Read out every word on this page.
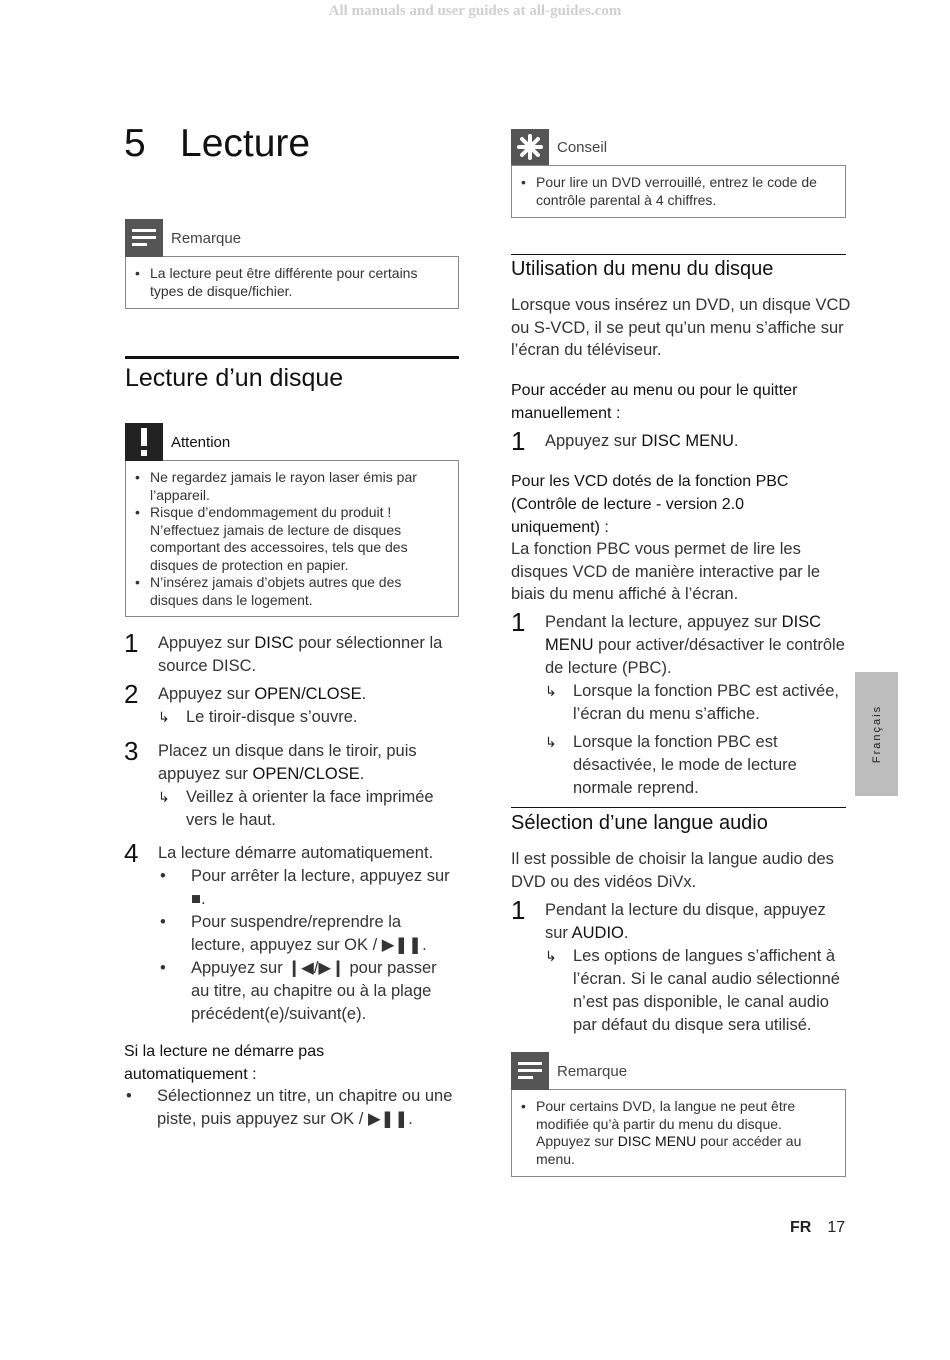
All manuals and user guides at all-guides.com
5 Lecture
Remarque
• La lecture peut être différente pour certains types de disque/fichier.
Lecture d’un disque
Attention
• Ne regardez jamais le rayon laser émis par l’appareil.
• Risque d’endommagement du produit ! N’effectuez jamais de lecture de disques comportant des accessoires, tels que des disques de protection en papier.
• N’insérez jamais d’objets autres que des disques dans le logement.
1 Appuyez sur DISC pour sélectionner la source DISC.
2 Appuyez sur OPEN/CLOSE.
↳ Le tiroir-disque s’ouvre.
3 Placez un disque dans le tiroir, puis appuyez sur OPEN/CLOSE.
↳ Veillez à orienter la face imprimée vers le haut.
4 La lecture démarre automatiquement.
• Pour arrêter la lecture, appuyez sur ■.
• Pour suspendre/reprendre la lecture, appuyez sur OK / ▶❚❚.
• Appuyez sur ❙◀/▶❙ pour passer au titre, au chapitre ou à la plage précédent(e)/suivant(e).
Si la lecture ne démarre pas automatiquement :
• Sélectionnez un titre, un chapitre ou une piste, puis appuyez sur OK / ▶❚❚.
Conseil
• Pour lire un DVD verrouillé, entrez le code de contrôle parental à 4 chiffres.
Utilisation du menu du disque
Lorsque vous insérez un DVD, un disque VCD ou S-VCD, il se peut qu’un menu s’affiche sur l’écran du téléviseur.
Pour accéder au menu ou pour le quitter manuellement :
1 Appuyez sur DISC MENU.
Pour les VCD dotés de la fonction PBC (Contrôle de lecture - version 2.0 uniquement) :
La fonction PBC vous permet de lire les disques VCD de manière interactive par le biais du menu affiché à l’écran.
1 Pendant la lecture, appuyez sur DISC MENU pour activer/désactiver le contrôle de lecture (PBC).
↳ Lorsque la fonction PBC est activée, l’écran du menu s’affiche.
↳ Lorsque la fonction PBC est désactivée, le mode de lecture normale reprend.
Sélection d’une langue audio
Il est possible de choisir la langue audio des DVD ou des vidéos DiVx.
1 Pendant la lecture du disque, appuyez sur AUDIO.
↳ Les options de langues s’affichent à l’écran. Si le canal audio sélectionné n’est pas disponible, le canal audio par défaut du disque sera utilisé.
Remarque
• Pour certains DVD, la langue ne peut être modifiée qu’à partir du menu du disque. Appuyez sur DISC MENU pour accéder au menu.
Français
FR 17
